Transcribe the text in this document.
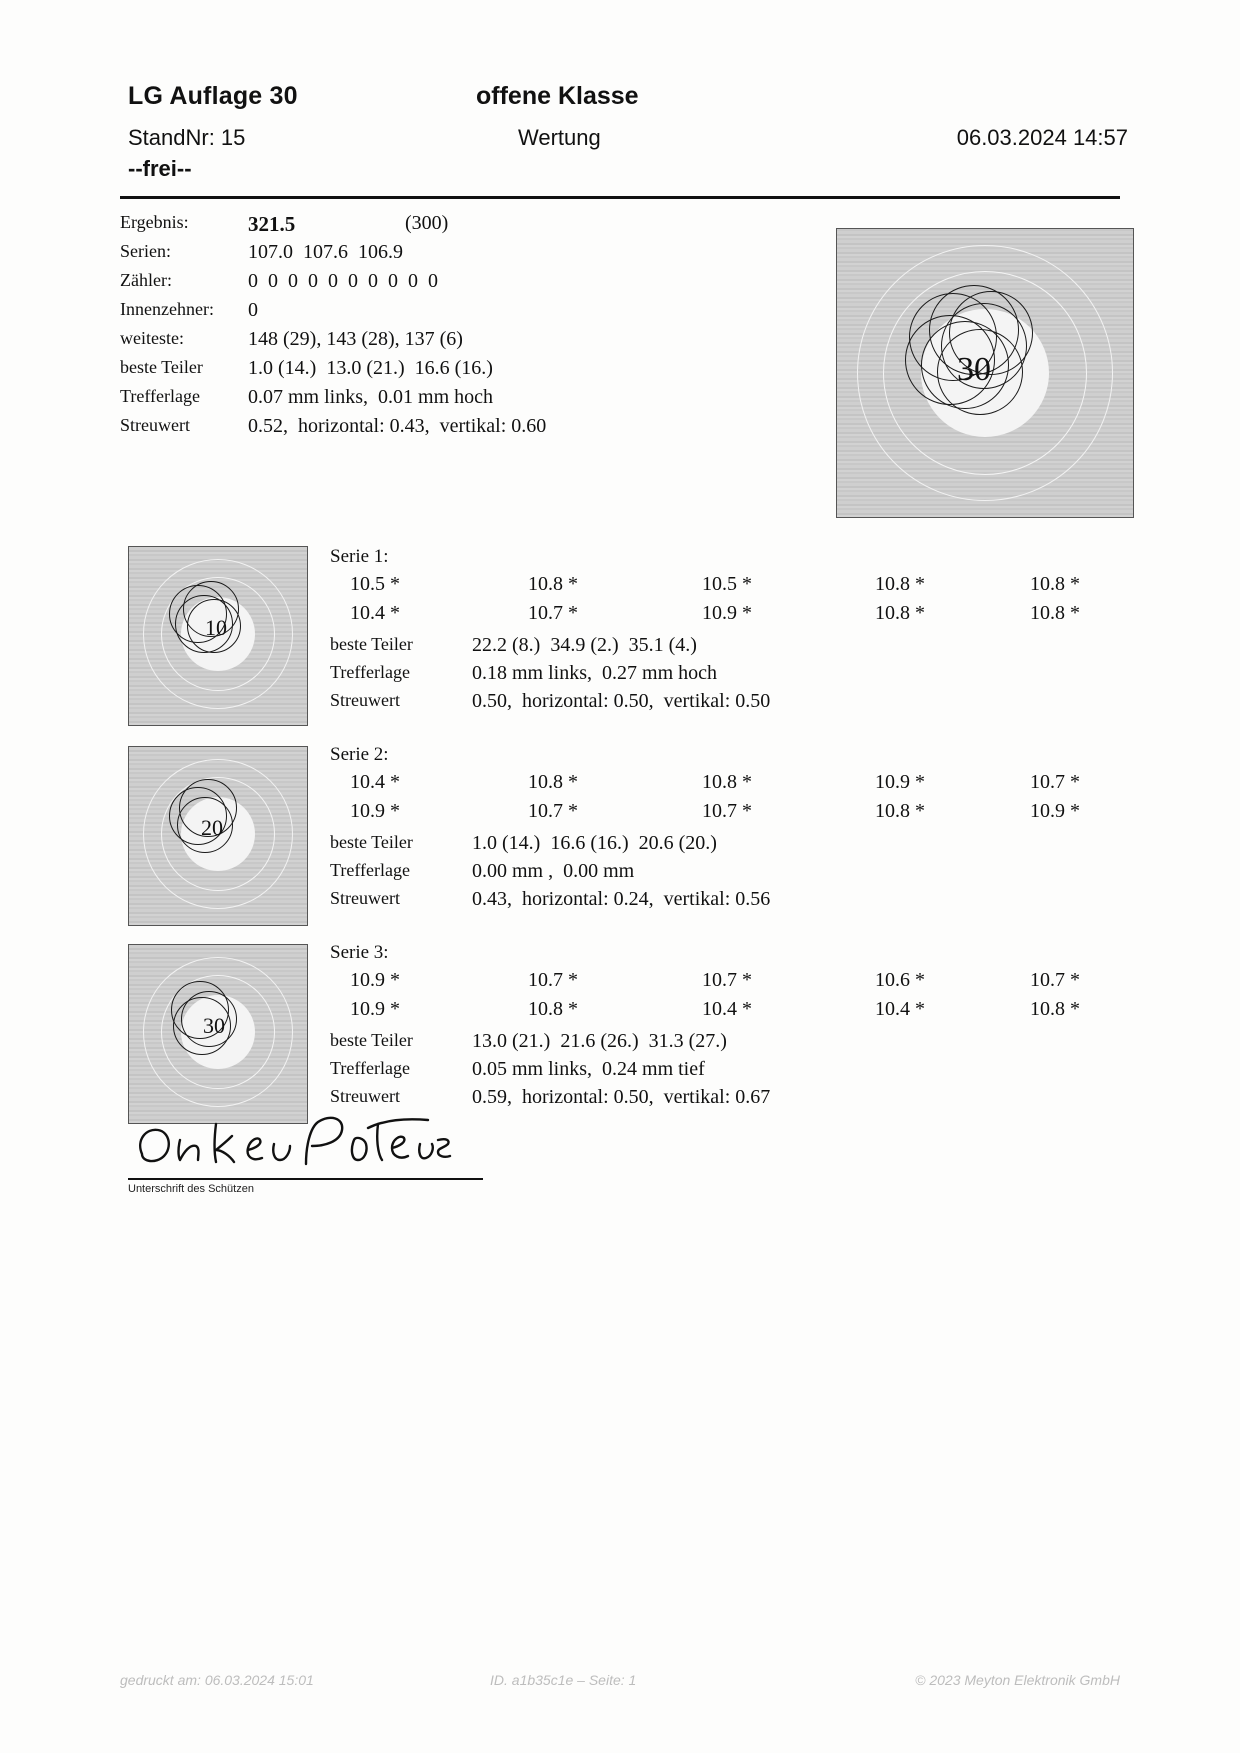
LG Auflage 30	offene Klasse
StandNr: 15	Wertung	06.03.2024 14:57
--frei--
Ergebnis:	321.5	(300)
Serien:	107.0  107.6  106.9
Zähler:	0  0  0  0  0  0  0  0  0  0
Innenzehner:	0
weiteste:	148 (29), 143 (28), 137 (6)
beste Teiler	1.0 (14.)  13.0 (21.)  16.6 (16.)
Trefferlage	0.07 mm links,  0.01 mm hoch
Streuwert	0.52,  horizontal: 0.43,  vertikal: 0.60
30
10
Serie 1:
10.5 *	10.8 *	10.5 *	10.8 *	10.8 *
10.4 *	10.7 *	10.9 *	10.8 *	10.8 *
beste Teiler	22.2 (8.)  34.9 (2.)  35.1 (4.)
Trefferlage	0.18 mm links,  0.27 mm hoch
Streuwert	0.50,  horizontal: 0.50,  vertikal: 0.50
20
Serie 2:
10.4 *	10.8 *	10.8 *	10.9 *	10.7 *
10.9 *	10.7 *	10.7 *	10.8 *	10.9 *
beste Teiler	1.0 (14.)  16.6 (16.)  20.6 (20.)
Trefferlage	0.00 mm ,  0.00 mm
Streuwert	0.43,  horizontal: 0.24,  vertikal: 0.56
30
Serie 3:
10.9 *	10.7 *	10.7 *	10.6 *	10.7 *
10.9 *	10.8 *	10.4 *	10.4 *	10.8 *
beste Teiler	13.0 (21.)  21.6 (26.)  31.3 (27.)
Trefferlage	0.05 mm links,  0.24 mm tief
Streuwert	0.59,  horizontal: 0.50,  vertikal: 0.67
Unterschrift des Schützen
gedruckt am: 06.03.2024 15:01	ID. a1b35c1e – Seite: 1	© 2023 Meyton Elektronik GmbH
